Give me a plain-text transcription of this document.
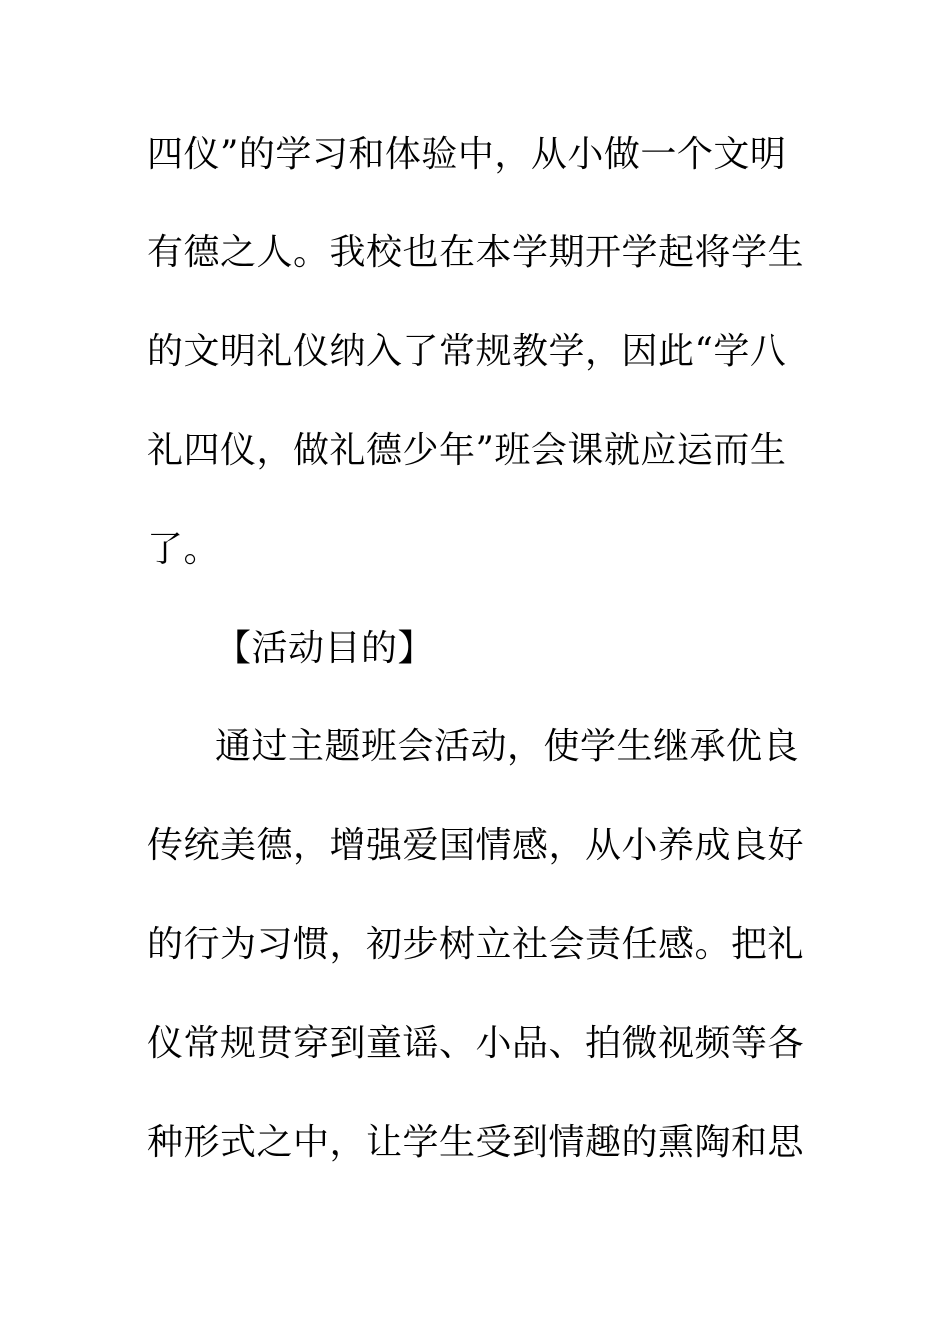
四仪”的学习和体验中，从小做一个文明
有德之人。我校也在本学期开学起将学生
的文明礼仪纳入了常规教学，因此“学八
礼四仪，做礼德少年”班会课就应运而生
了。
【活动目的】
通过主题班会活动，使学生继承优良
传统美德，增强爱国情感，从小养成良好
的行为习惯，初步树立社会责任感。把礼
仪常规贯穿到童谣、小品、拍微视频等各
种形式之中，让学生受到情趣的熏陶和思
